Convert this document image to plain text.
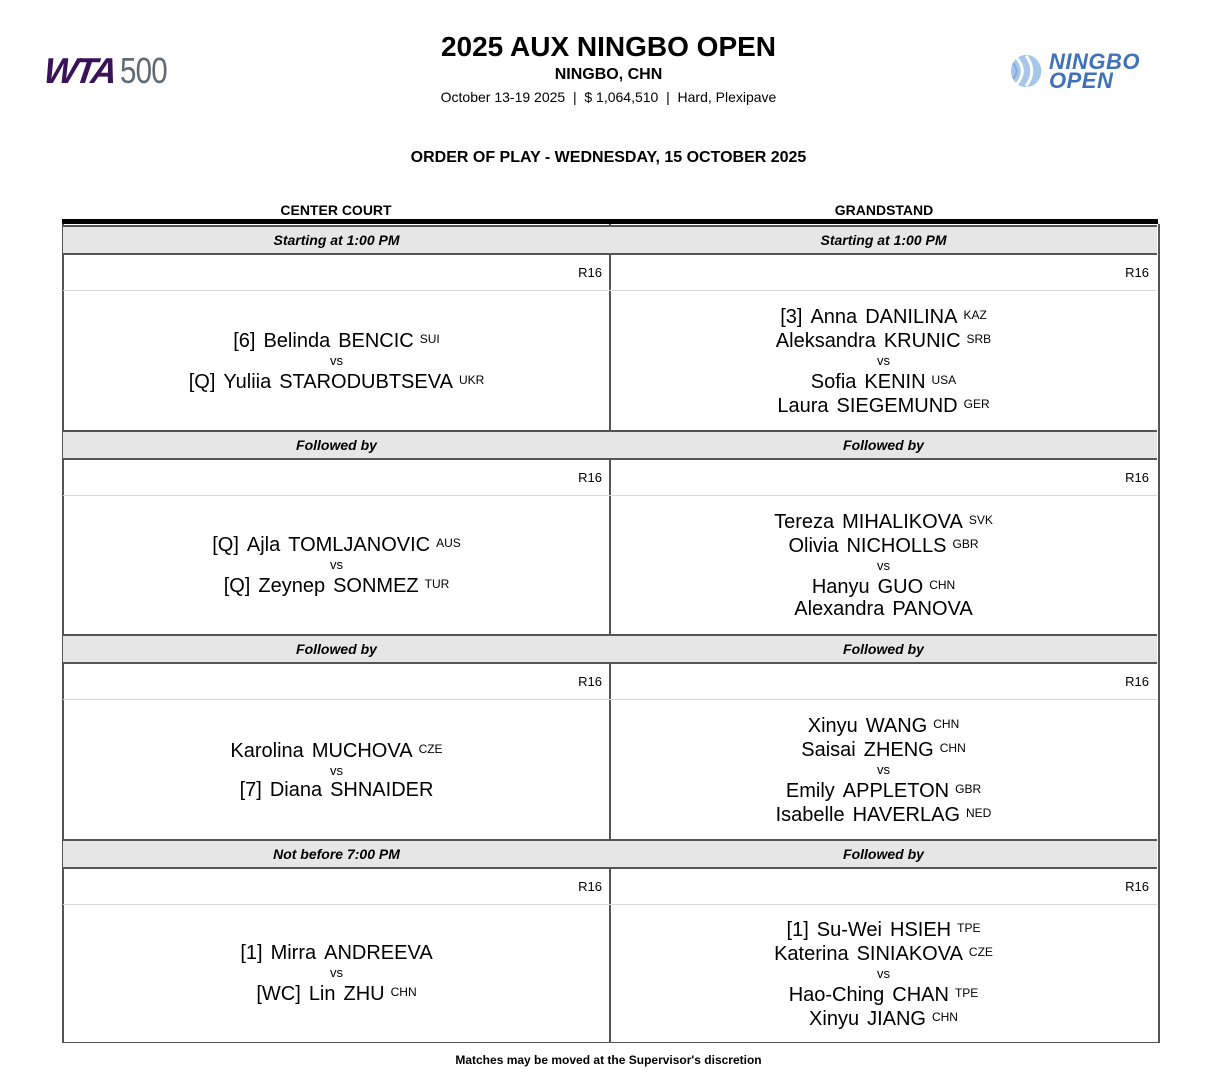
WTA 500	NINGBO
OPEN
2025 AUX NINGBO OPEN
NINGBO, CHN
October 13-19 2025  |  $ 1,064,510  |  Hard, Plexipave
ORDER OF PLAY - WEDNESDAY, 15 OCTOBER 2025
CENTER COURT	GRANDSTAND
Starting at 1:00 PM
R16
[6] Belinda BENCIC $^{SUI}$
vs
[Q] Yuliia STARODUBTSEVA $^{UKR}$
Followed by
R16
[Q] Ajla TOMLJANOVIC $^{AUS}$
vs
[Q] Zeynep SONMEZ $^{TUR}$
Followed by
R16
Karolina MUCHOVA $^{CZE}$
vs
[7] Diana SHNAIDER
Not before 7:00 PM
R16
[1] Mirra ANDREEVA
vs
[WC] Lin ZHU $^{CHN}$
Starting at 1:00 PM
R16
[3] Anna DANILINA $^{KAZ}$
Aleksandra KRUNIC $^{SRB}$
vs
Sofia KENIN $^{USA}$
Laura SIEGEMUND $^{GER}$
Followed by
R16
Tereza MIHALIKOVA $^{SVK}$
Olivia NICHOLLS $^{GBR}$
vs
Hanyu GUO $^{CHN}$
Alexandra PANOVA
Followed by
R16
Xinyu WANG $^{CHN}$
Saisai ZHENG $^{CHN}$
vs
Emily APPLETON $^{GBR}$
Isabelle HAVERLAG $^{NED}$
Followed by
R16
[1] Su-Wei HSIEH $^{TPE}$
Katerina SINIAKOVA $^{CZE}$
vs
Hao-Ching CHAN $^{TPE}$
Xinyu JIANG $^{CHN}$
Matches may be moved at the Supervisor's discretion
